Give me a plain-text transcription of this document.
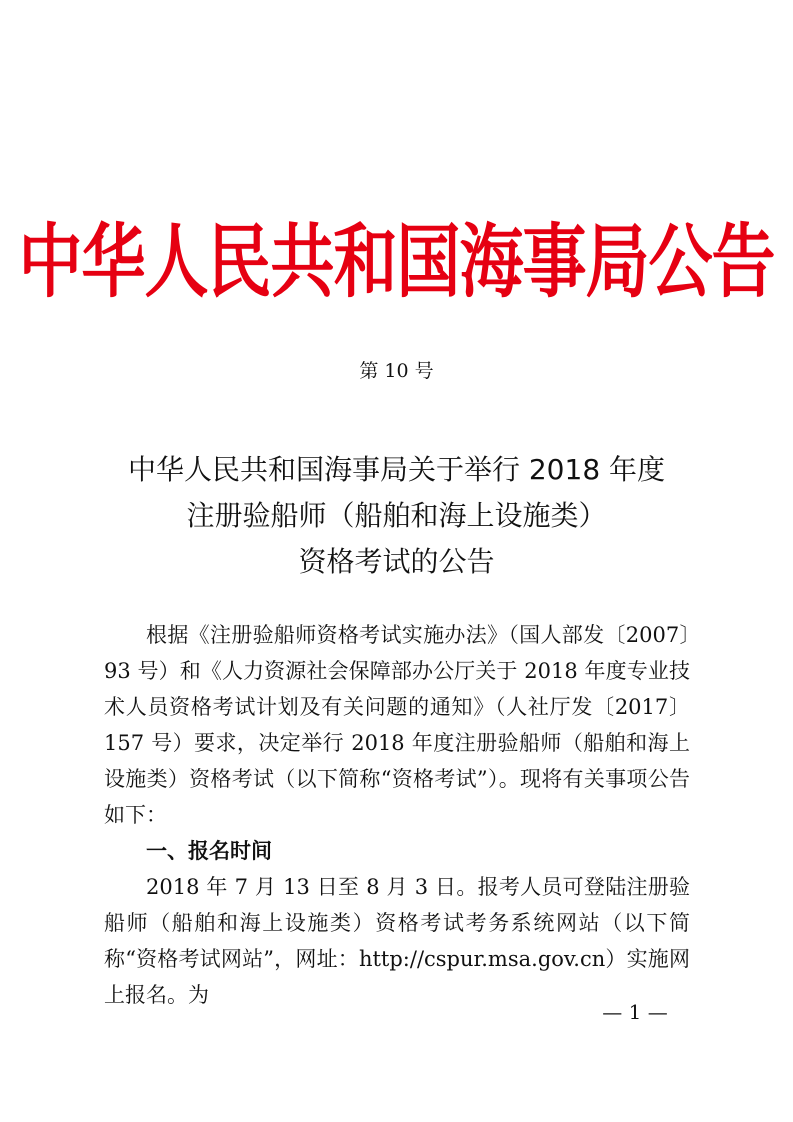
中华人民共和国海事局公告
第 10 号
中华人民共和国海事局关于举行 2018 年度
注册验船师（船舶和海上设施类）
资格考试的公告

根据《注册验船师资格考试实施办法》（国人部发〔2007〕93 号）和《人力资源社会保障部办公厅关于 2018 年度专业技术人员资格考试计划及有关问题的通知》（人社厅发〔2017〕157 号）要求，决定举行 2018 年度注册验船师（船舶和海上设施类）资格考试（以下简称“资格考试”）。现将有关事项公告如下：

一、报名时间

2018 年 7 月 13 日至 8 月 3 日。报考人员可登陆注册验船师（船舶和海上设施类）资格考试考务系统网站（以下简称“资格考试网站”，网址：http://cspur.msa.gov.cn）实施网上报名。为

— 1 —
